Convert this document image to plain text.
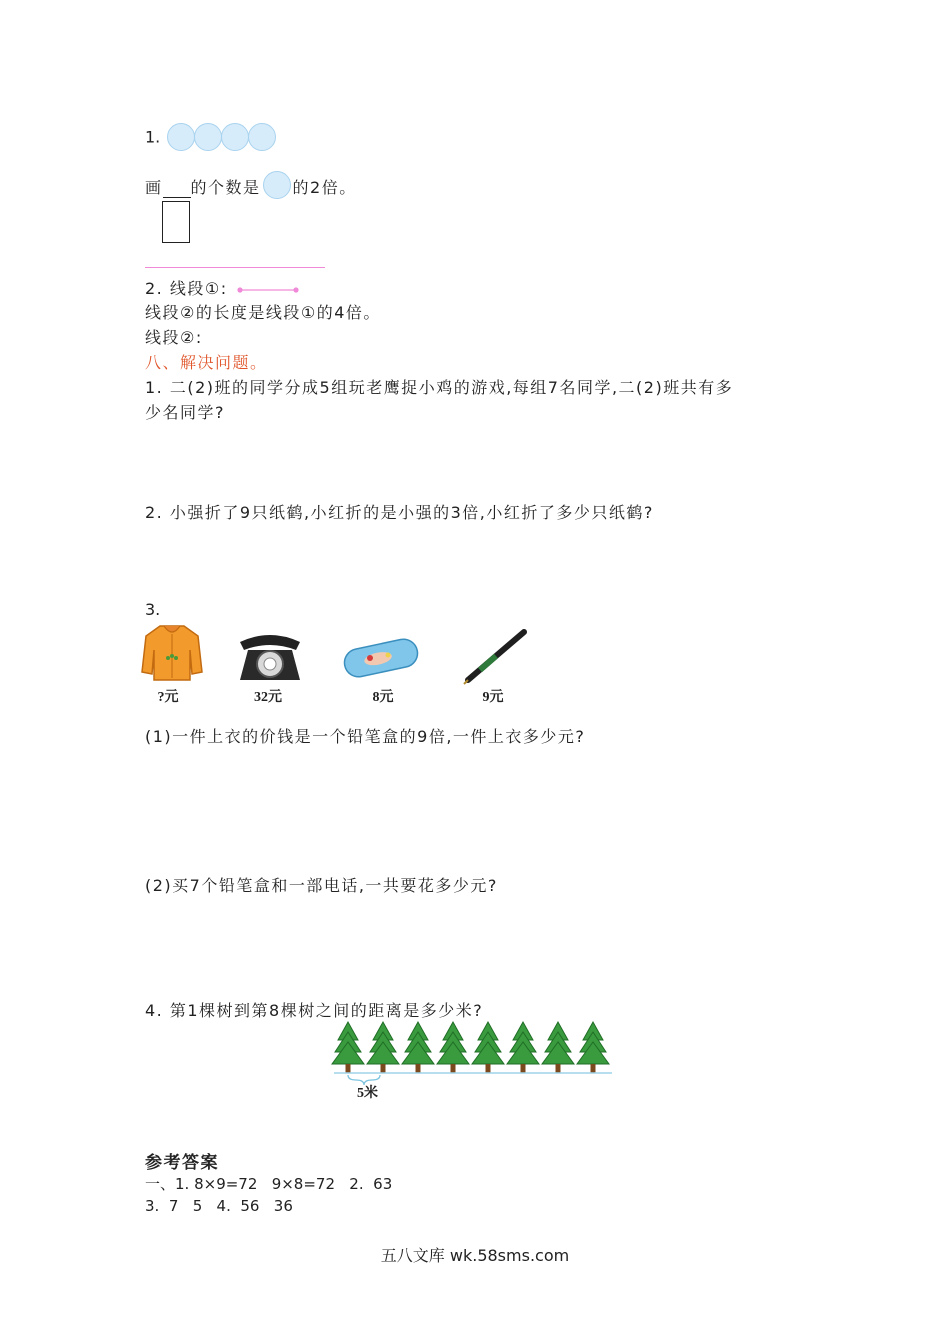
1.
画 的个数是 的2倍。
2. 线段①:
线段②的长度是线段①的4倍。
线段②:
八、解决问题。
1. 二(2)班的同学分成5组玩老鹰捉小鸡的游戏,每组7名同学,二(2)班共有多
少名同学?
2. 小强折了9只纸鹤,小红折的是小强的3倍,小红折了多少只纸鹤?
3.
?元	32元	8元	9元
(1)一件上衣的价钱是一个铅笔盒的9倍,一件上衣多少元?
(2)买7个铅笔盒和一部电话,一共要花多少元?
4. 第1棵树到第8棵树之间的距离是多少米?
5米
参考答案
一、1. 8×9=72   9×8=72   2.  63
3.  7   5   4.  56   36
五八文库 wk.58sms.com
